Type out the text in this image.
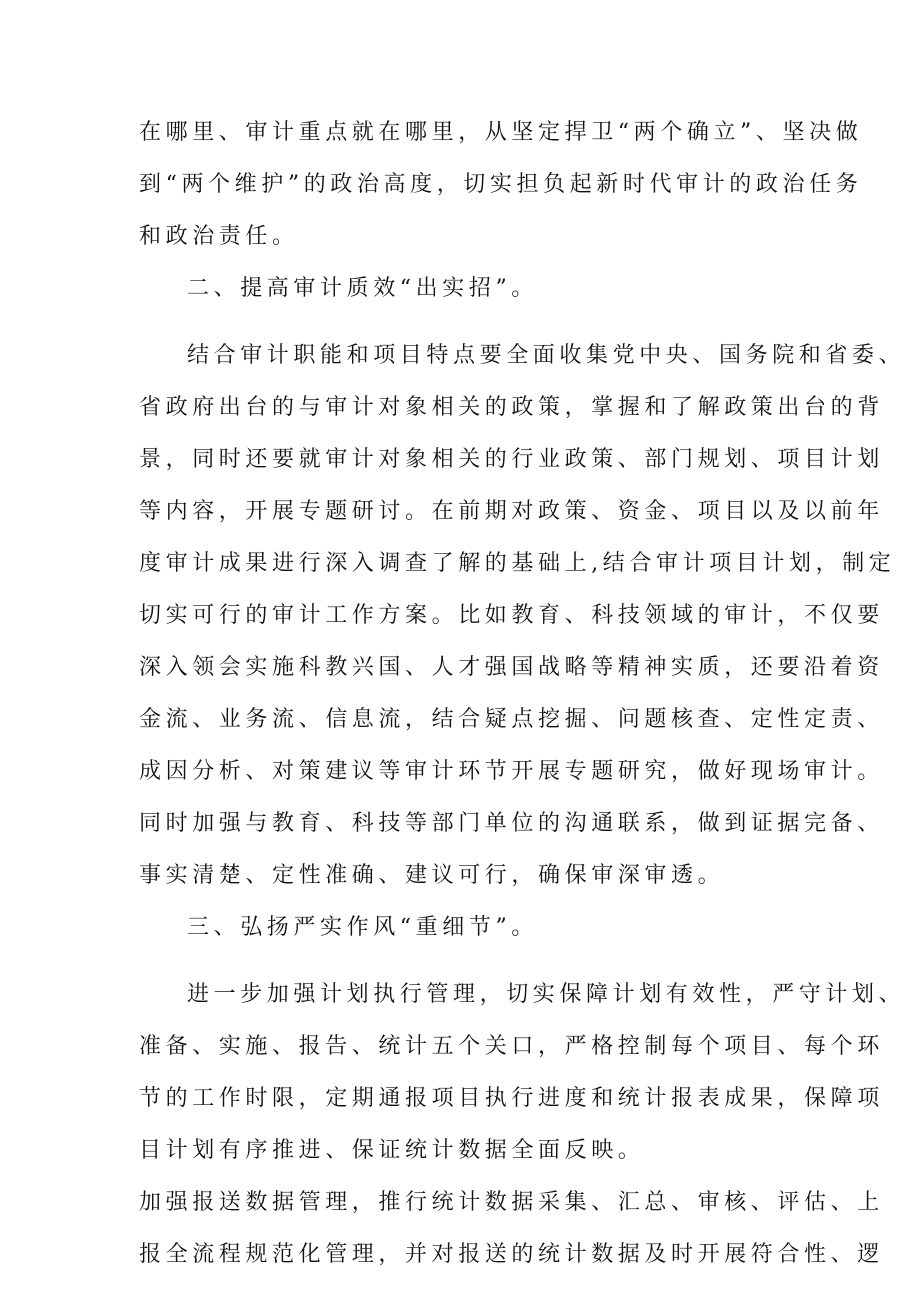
在哪里、审计重点就在哪里，从坚定捍卫“两个确立”、坚决做
到“两个维护”的政治高度，切实担负起新时代审计的政治任务
和政治责任。
二、提高审计质效“出实招”。
结合审计职能和项目特点要全面收集党中央、国务院和省委、
省政府出台的与审计对象相关的政策，掌握和了解政策出台的背
景，同时还要就审计对象相关的行业政策、部门规划、项目计划
等内容，开展专题研讨。在前期对政策、资金、项目以及以前年
度审计成果进行深入调查了解的基础上,结合审计项目计划，制定
切实可行的审计工作方案。比如教育、科技领域的审计，不仅要
深入领会实施科教兴国、人才强国战略等精神实质，还要沿着资
金流、业务流、信息流，结合疑点挖掘、问题核查、定性定责、
成因分析、对策建议等审计环节开展专题研究，做好现场审计。
同时加强与教育、科技等部门单位的沟通联系，做到证据完备、
事实清楚、定性准确、建议可行，确保审深审透。
三、弘扬严实作风“重细节”。
进一步加强计划执行管理，切实保障计划有效性，严守计划、
准备、实施、报告、统计五个关口，严格控制每个项目、每个环
节的工作时限，定期通报项目执行进度和统计报表成果，保障项
目计划有序推进、保证统计数据全面反映。
加强报送数据管理，推行统计数据采集、汇总、审核、评估、上
报全流程规范化管理，并对报送的统计数据及时开展符合性、逻
